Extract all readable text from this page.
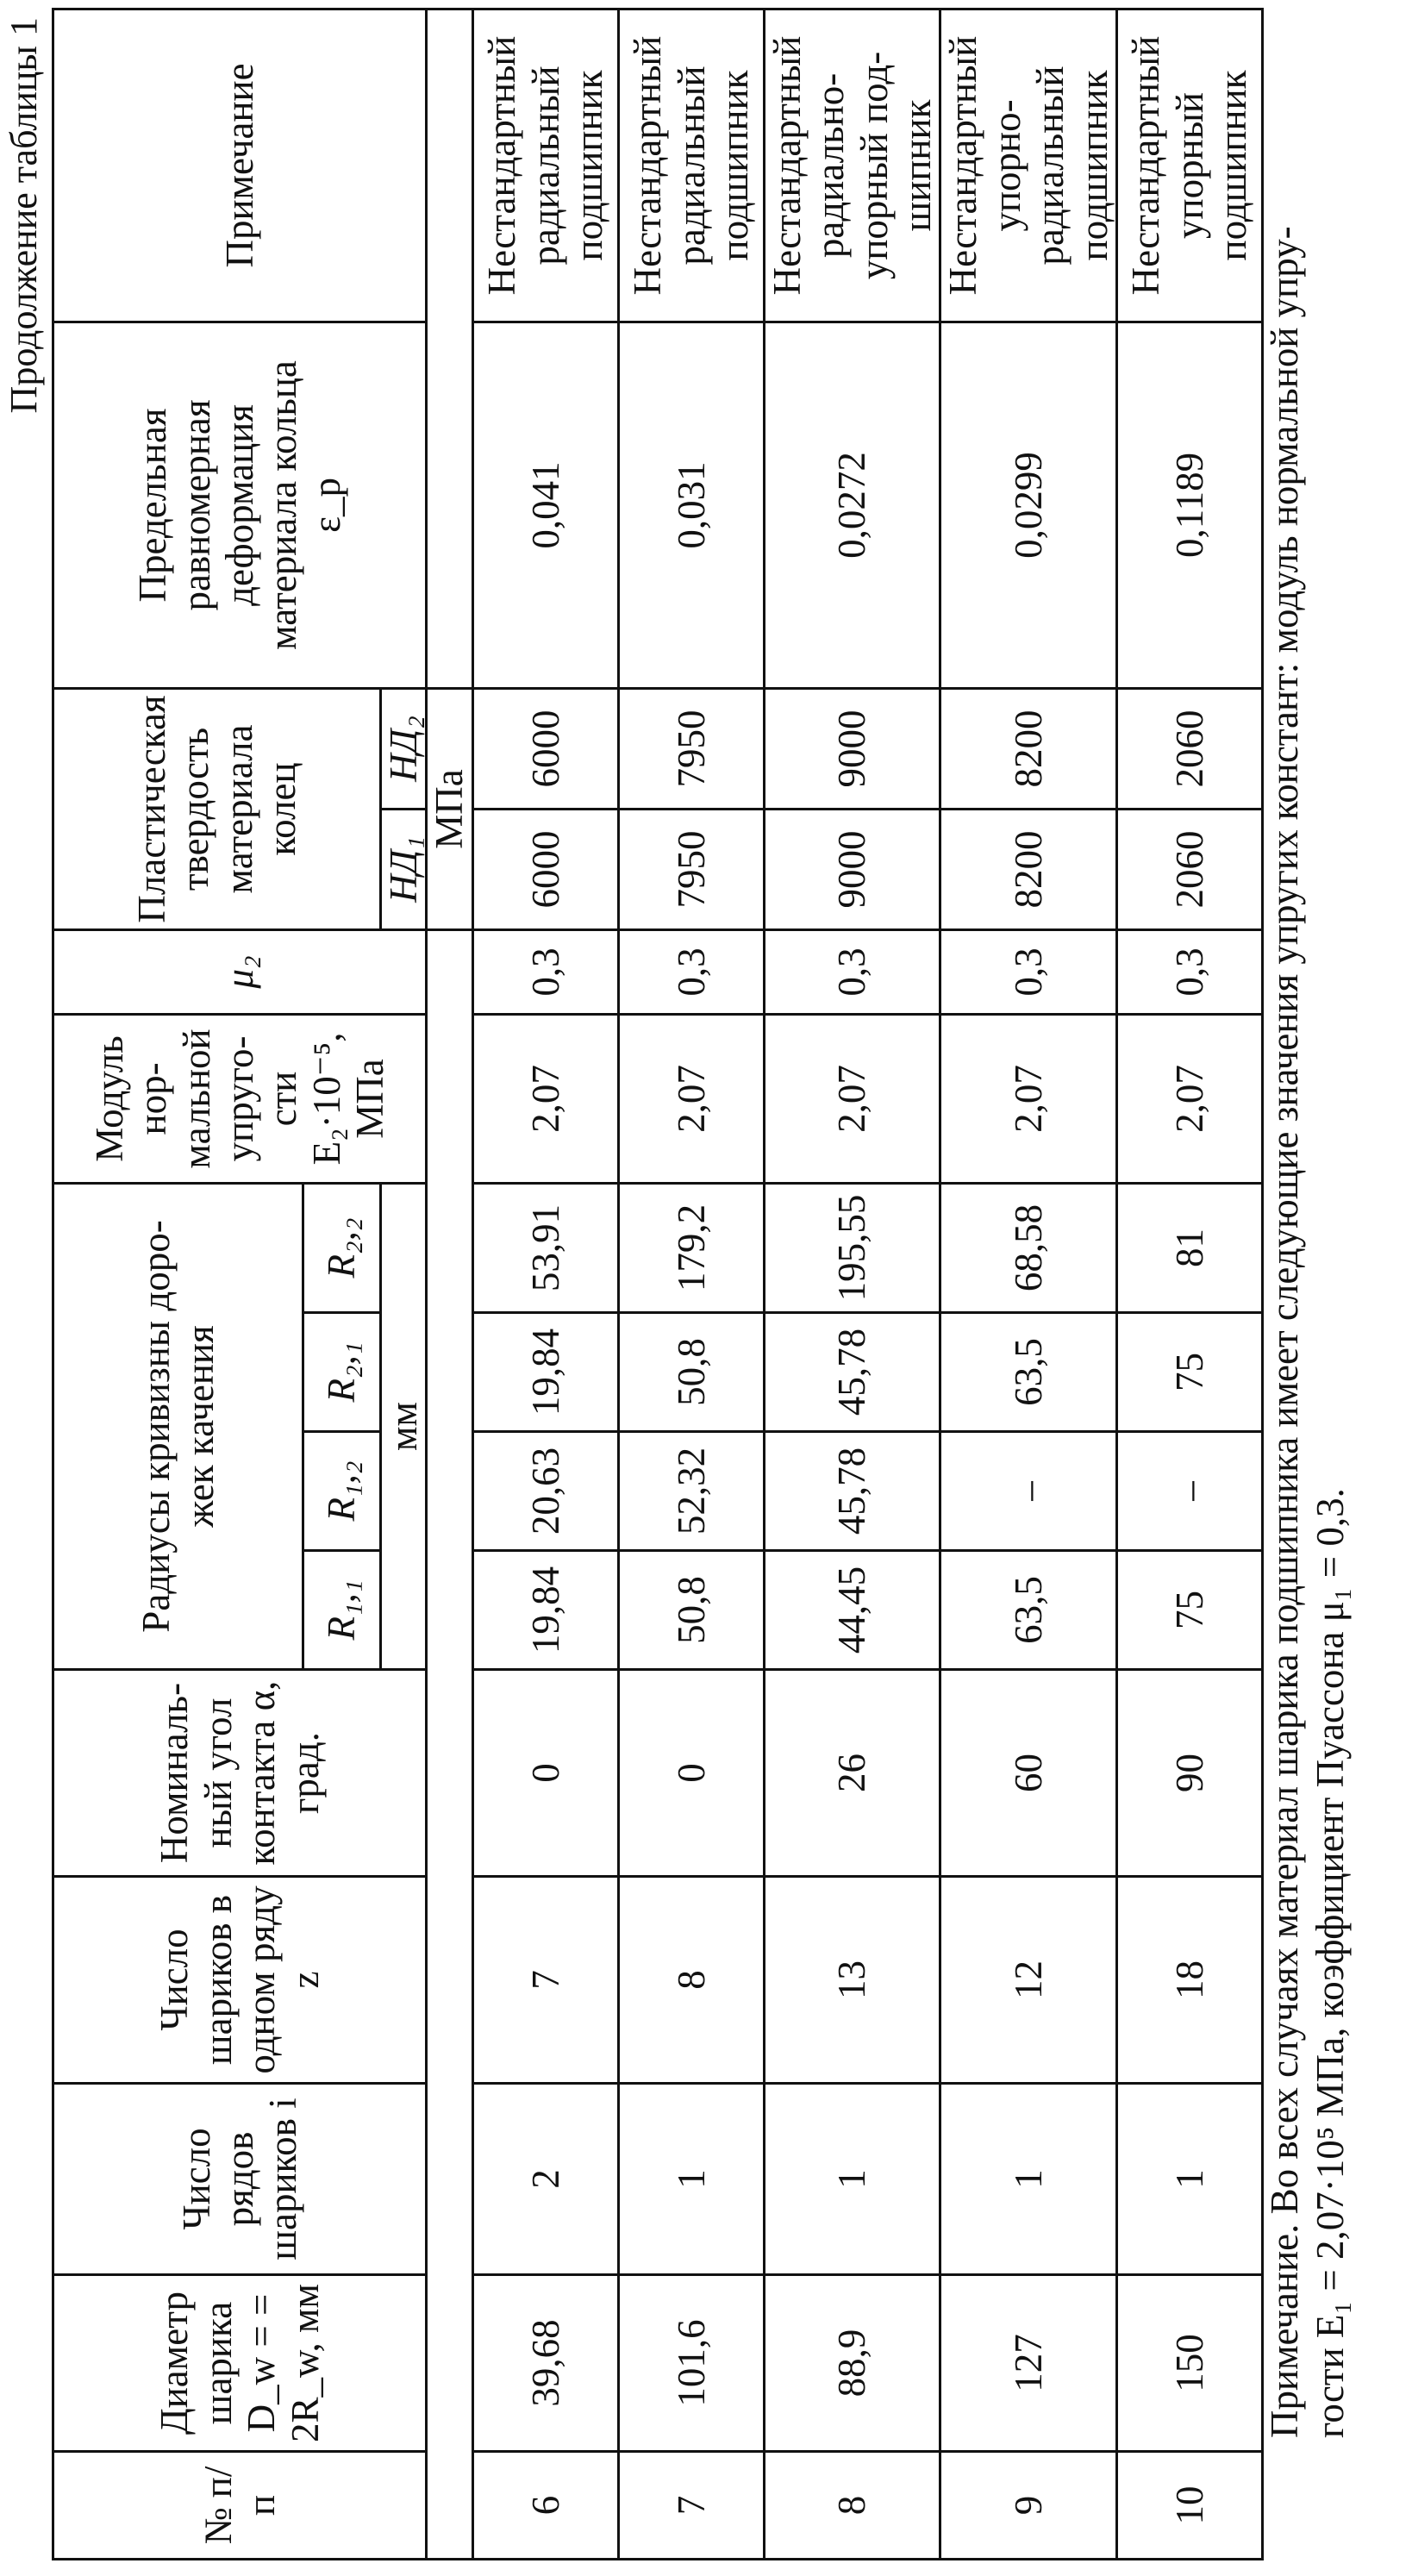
Продолжение таблицы 1
№ п/п	Диаметр шарика D_w = = 2R_w, мм	Число рядов шариков i	Число шариков в одном ряду z	Номиналь-ный угол контакта α, град.	Радиусы кривизны доро-жек качения	Модуль нор-мальной упруго-сти E₂·10⁻⁵, МПа	μ₂	Пластическая твердость материала колец	Предельная равномерная деформация материала кольца ε_p	Примечание
R₁,₁	R₁,₂	R₂,₁	R₂,₂
мм	НД₁	НД₂
	МПа	
6	39,68	2	7	0	19,84	20,63	19,84	53,91	2,07	0,3	6000	6000	0,041	Нестандартный радиальный подшипник
7	101,6	1	8	0	50,8	52,32	50,8	179,2	2,07	0,3	7950	7950	0,031	Нестандартный радиальный подшипник
8	88,9	1	13	26	44,45	45,78	45,78	195,55	2,07	0,3	9000	9000	0,0272	Нестандартный радиально-упорный под-шипник
9	127	1	12	60	63,5	–	63,5	68,58	2,07	0,3	8200	8200	0,0299	Нестандартный упорно-радиальный подшипник
10	150	1	18	90	75	–	75	81	2,07	0,3	2060	2060	0,1189	Нестандартный упорный подшипник
Примечание. Во всех случаях материал шарика подшипника имеет следующие значения упругих констант: модуль нормальной упру- гости E₁ = 2,07·10⁵ МПа, коэффициент Пуассона μ₁ = 0,3.
